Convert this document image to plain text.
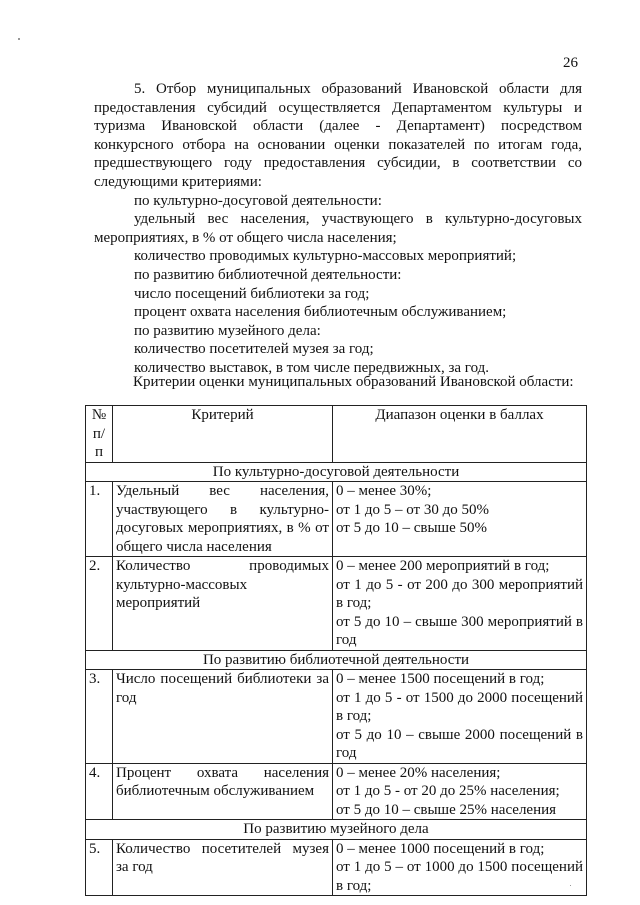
26

5. Отбор муниципальных образований Ивановской области для предоставления субсидий осуществляется Департаментом культуры и туризма Ивановской области (далее - Департамент) посредством конкурсного отбора на основании оценки показателей по итогам года, предшествующего году предоставления субсидии, в соответствии со следующими критериями:

по культурно-досуговой деятельности:

удельный вес населения, участвующего в культурно-досуговых мероприятиях, в % от общего числа населения;

количество проводимых культурно-массовых мероприятий;

по развитию библиотечной деятельности:

число посещений библиотеки за год;

процент охвата населения библиотечным обслуживанием;

по развитию музейного дела:

количество посетителей музея за год;

количество выставок, в том числе передвижных, за год.

Критерии оценки муниципальных образований Ивановской области:
№
п/п	Критерий	Диапазон оценки в баллах
По культурно-досуговой деятельности		
1.	Удельный вес населения, участвующего в культурно-досуговых мероприятиях, в % от общего числа населения	0 – менее 30%;
от 1 до 5 – от 30 до 50%
от 5 до 10 – свыше 50%

2.	Количество проводимых культурно-массовых мероприятий	0 – менее 200 мероприятий в год;
от 1 до 5 - от 200 до 300 мероприятий в год;
от 5 до 10 – свыше 300 мероприятий в год

По развитию библиотечной деятельности		
3.	Число посещений библиотеки за год	0 – менее 1500 посещений в год;
от 1 до 5 - от 1500 до 2000 посещений в год;
от 5 до 10 – свыше 2000 посещений в год

4.	Процент охвата населения библиотечным обслуживанием	0 – менее 20% населения;
от 1 до 5 - от 20 до 25% населения;
от 5 до 10 – свыше 25% населения

По развитию музейного дела		
5.	Количество посетителей музея за год	0 – менее 1000 посещений в год;
от 1 до 5 – от 1000 до 1500 посещений в год;
